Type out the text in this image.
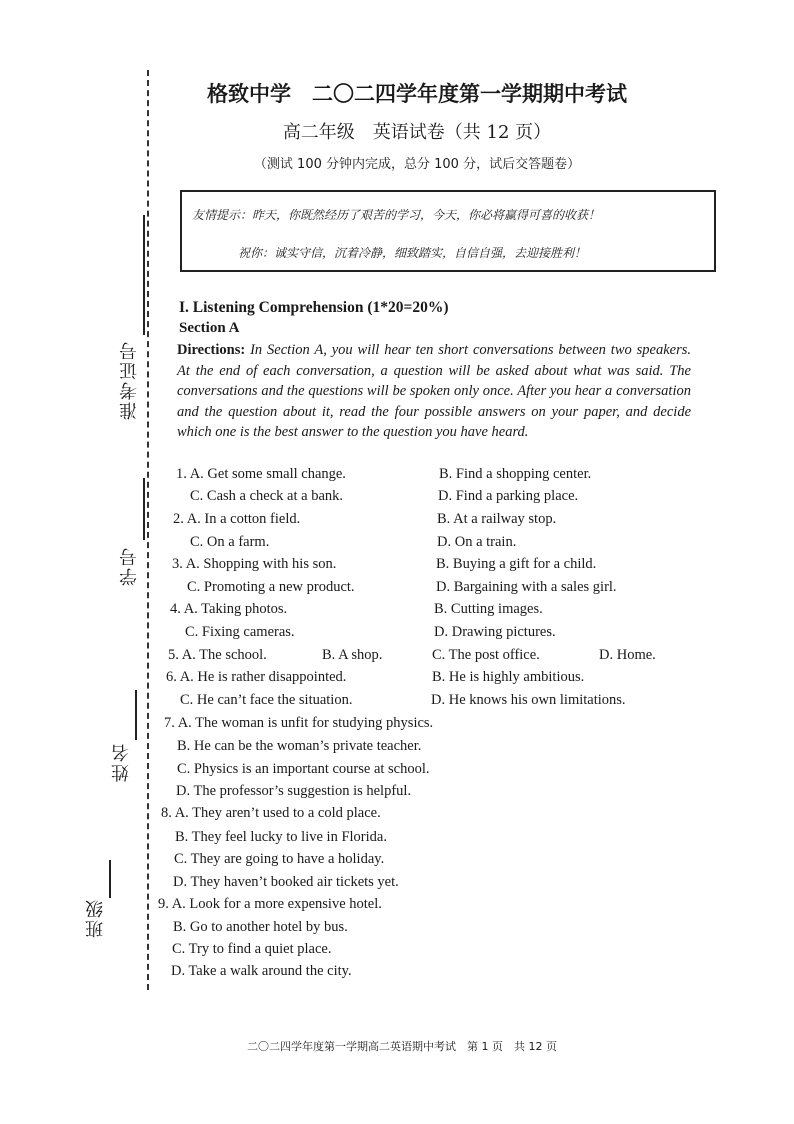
准考证号
学号
姓名
班级
格致中学　二〇二四学年度第一学期期中考试
高二年级　英语试卷（共 12 页）
（测试 100 分钟内完成，总分 100 分，试后交答题卷）
友情提示：昨天，你既然经历了艰苦的学习，今天，你必将赢得可喜的收获！
祝你：诚实守信，沉着冷静，细致踏实，自信自强，去迎接胜利！
I. Listening Comprehension (1*20=20%)
Section A
Directions: In Section A, you will hear ten short conversations between two speakers. At the end of each conversation, a question will be asked about what was said. The conversations and the questions will be spoken only once. After you hear a conversation and the question about it, read the four possible answers on your paper, and decide which one is the best answer to the question you have heard.
1. A. Get some small change.	B. Find a shopping center.
C. Cash a check at a bank.	D. Find a parking place.
2. A. In a cotton field.	B. At a railway stop.
C. On a farm.	D. On a train.
3. A. Shopping with his son.	B. Buying a gift for a child.
C. Promoting a new product.	D. Bargaining with a sales girl.
4. A. Taking photos.	B. Cutting images.
C. Fixing cameras.	D. Drawing pictures.
5. A. The school.	B. A shop.	C. The post office.	D. Home.
6. A. He is rather disappointed.	B. He is highly ambitious.
C. He can’t face the situation.	D. He knows his own limitations.
7. A. The woman is unfit for studying physics.
B. He can be the woman’s private teacher.
C. Physics is an important course at school.
D. The professor’s suggestion is helpful.
8. A. They aren’t used to a cold place.
B. They feel lucky to live in Florida.
C. They are going to have a holiday.
D. They haven’t booked air tickets yet.
9. A. Look for a more expensive hotel.
B. Go to another hotel by bus.
C. Try to find a quiet place.
D. Take a walk around the city.
二〇二四学年度第一学期高二英语期中考试　第 1 页　共 12 页
